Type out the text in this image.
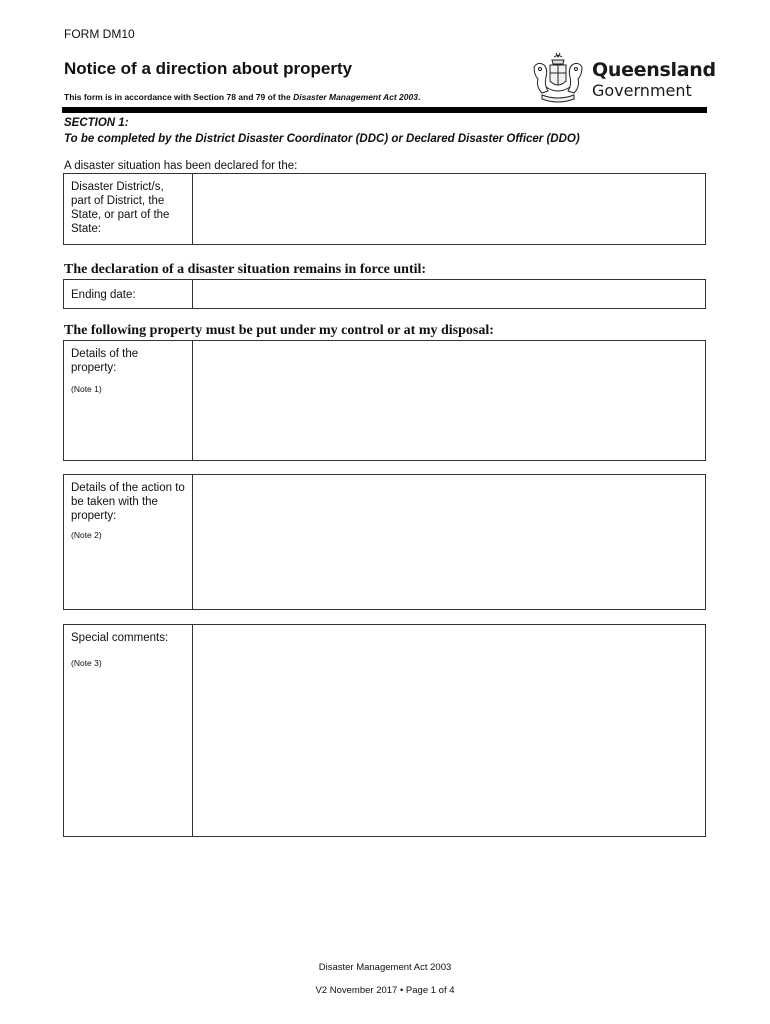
FORM DM10
Notice of a direction about property
This form is in accordance with Section 78 and 79 of the Disaster Management Act 2003.
Queensland
Government
SECTION 1:
To be completed by the District Disaster Coordinator (DDC) or Declared Disaster Officer (DDO)
A disaster situation has been declared for the:
Disaster District/s, part of District, the State, or part of the State:
The declaration of a disaster situation remains in force until:
Ending date:
The following property must be put under my control or at my disposal:
Details of the property:
(Note 1)
Details of the action to be taken with the property:
(Note 2)
Special comments:
(Note 3)
Disaster Management Act 2003
V2 November 2017 • Page 1 of 4
